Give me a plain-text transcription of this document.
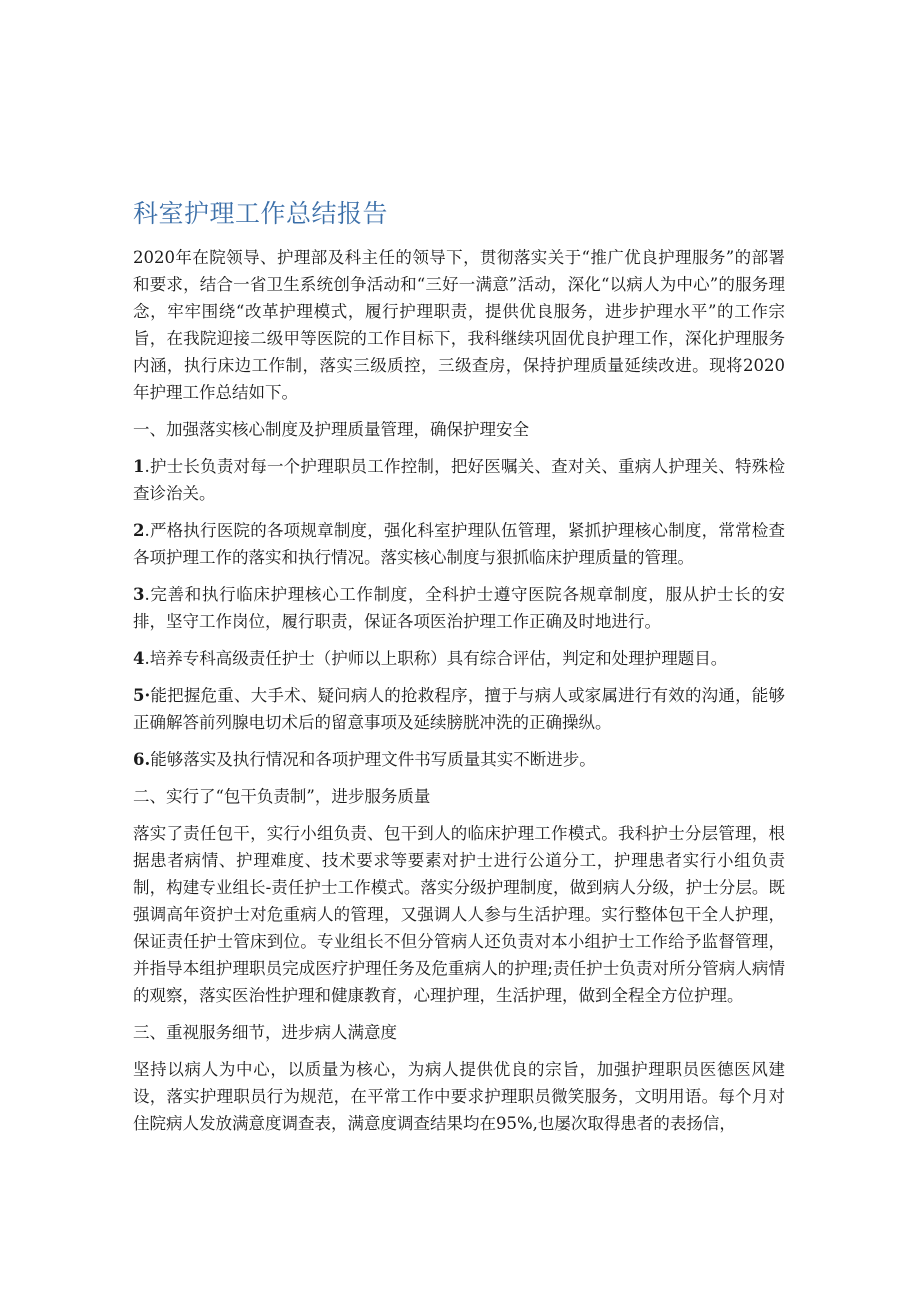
科室护理工作总结报告

2020年在院领导、护理部及科主任的领导下，贯彻落实关于“推广优良护理服务”的部署和要求，结合一省卫生系统创争活动和“三好一满意”活动，深化“以病人为中心”的服务理念，牢牢围绕“改革护理模式，履行护理职责，提供优良服务，进步护理水平”的工作宗旨，在我院迎接二级甲等医院的工作目标下，我科继续巩固优良护理工作，深化护理服务内涵，执行床边工作制，落实三级质控，三级查房，保持护理质量延续改进。现将2020年护理工作总结如下。

一、加强落实核心制度及护理质量管理，确保护理安全

1.护士长负责对每一个护理职员工作控制，把好医嘱关、查对关、重病人护理关、特殊检查诊治关。

2.严格执行医院的各项规章制度，强化科室护理队伍管理，紧抓护理核心制度，常常检查各项护理工作的落实和执行情况。落实核心制度与狠抓临床护理质量的管理。

3.完善和执行临床护理核心工作制度，全科护士遵守医院各规章制度，服从护士长的安排，坚守工作岗位，履行职责，保证各项医治护理工作正确及时地进行。

4.培养专科高级责任护士（护师以上职称）具有综合评估，判定和处理护理题目。

5·能把握危重、大手术、疑问病人的抢救程序，擅于与病人或家属进行有效的沟通，能够正确解答前列腺电切术后的留意事项及延续膀胱冲洗的正确操纵。

6.能够落实及执行情况和各项护理文件书写质量其实不断进步。

二、实行了“包干负责制”，进步服务质量

落实了责任包干，实行小组负责、包干到人的临床护理工作模式。我科护士分层管理，根据患者病情、护理难度、技术要求等要素对护士进行公道分工，护理患者实行小组负责制，构建专业组长-责任护士工作模式。落实分级护理制度，做到病人分级，护士分层。既强调高年资护士对危重病人的管理，又强调人人参与生活护理。实行整体包干全人护理，保证责任护士管床到位。专业组长不但分管病人还负责对本小组护士工作给予监督管理，并指导本组护理职员完成医疗护理任务及危重病人的护理;责任护士负责对所分管病人病情的观察，落实医治性护理和健康教育，心理护理，生活护理，做到全程全方位护理。

三、重视服务细节，进步病人满意度

坚持以病人为中心，以质量为核心，为病人提供优良的宗旨，加强护理职员医德医风建设，落实护理职员行为规范，在平常工作中要求护理职员微笑服务，文明用语。每个月对住院病人发放满意度调查表，满意度调查结果均在95%,也屡次取得患者的表扬信，
